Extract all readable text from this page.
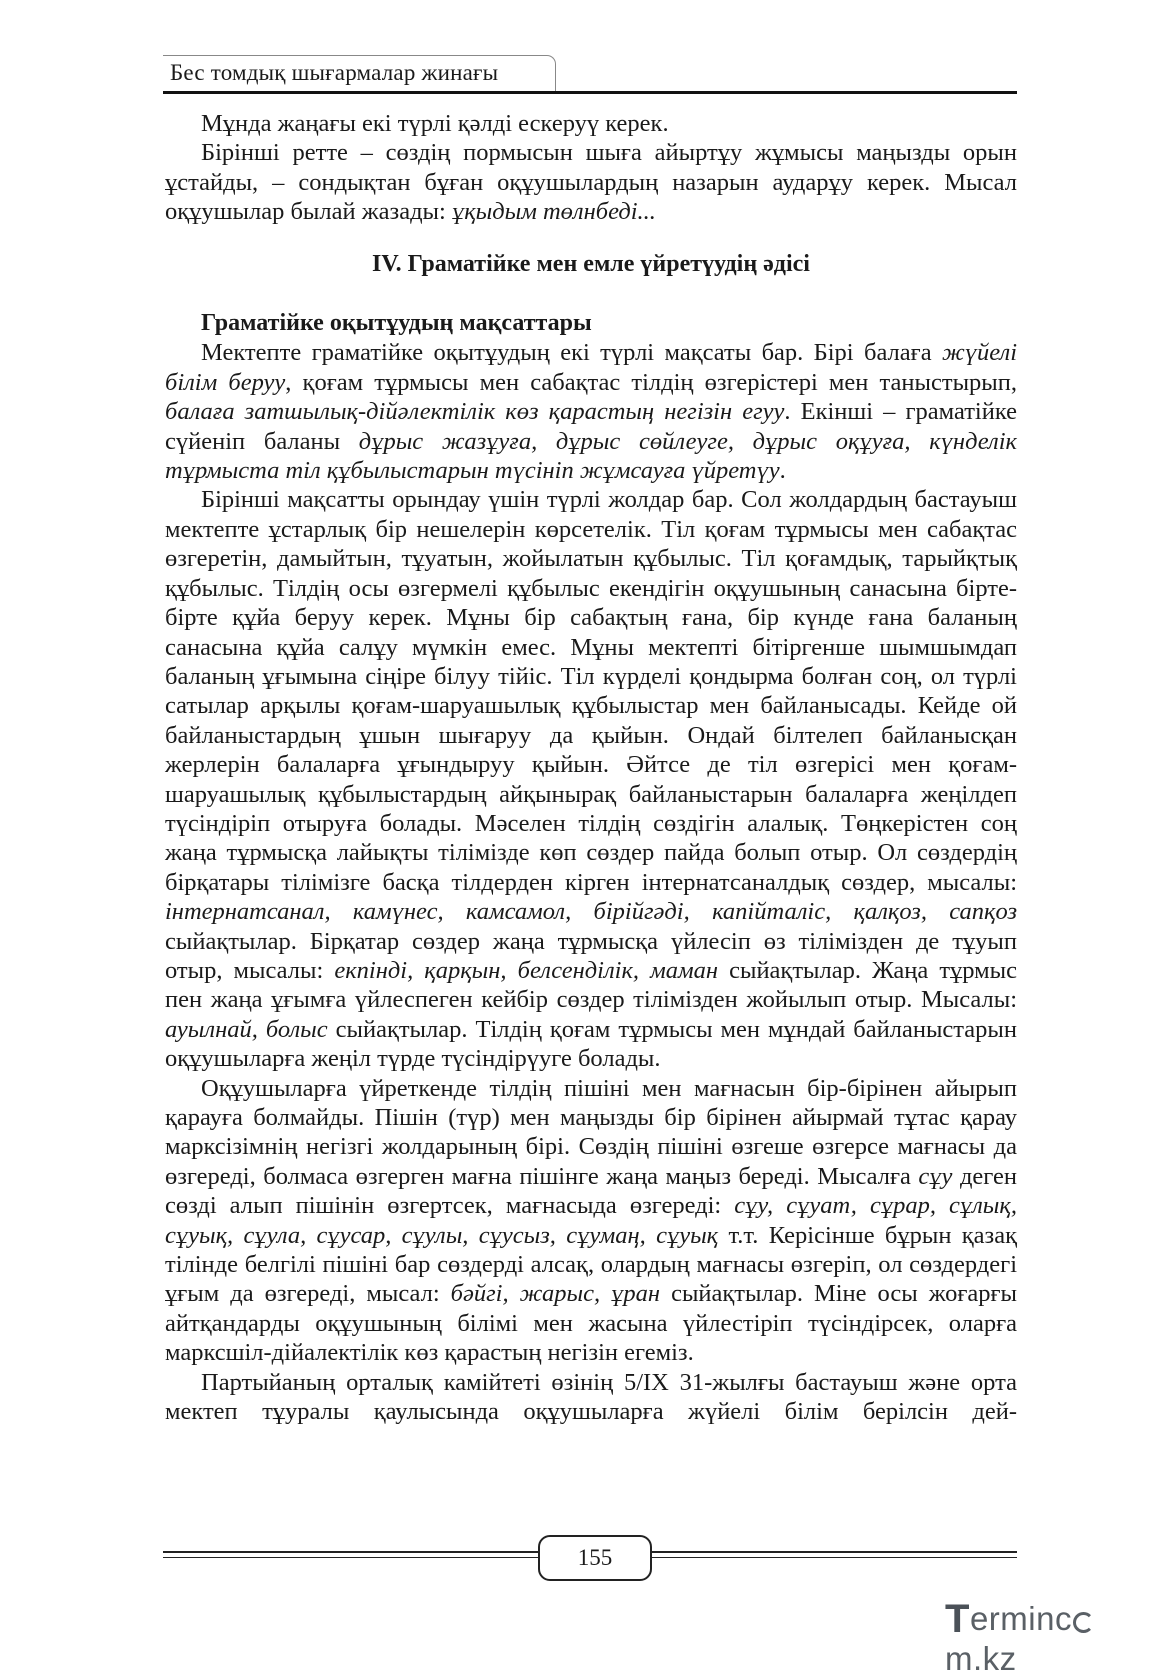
Бес томдық шығармалар жинағы

Мұнда жаңағы екі түрлі қәлді ескеруү керек.

Бірінші ретте – сөздің пормысын шыға айыртұу жұмысы маңызды орын ұстайды, – сондықтан бұған оқұушылардың назарын аударұу керек. Мысал оқұушылар былай жазады: ұқыдым төлнбеді...

IV. Граматійке мен емле үйретүудің әдісі
Граматійке оқытұудың мақсаттары

Мектепте граматійке оқытұудың екі түрлі мақсаты бар. Бірі балаға жүйелі білім беруу, қоғам тұрмысы мен сабақтас тілдің өзгерістері мен таныстырып, балаға затшылық-дійәлектілік көз қарастың негізін егуу. Екінші – граматійке сүйеніп баланы дұрыс жазұуға, дұрыс сөйлеуге, дұрыс оқұуға, күнделік тұрмыста тіл құбылыстарын түсініп жұмсауға үйретүу.

Бірінші мақсатты орындау үшін түрлі жолдар бар. Сол жолдардың бастауыш мектепте ұстарлық бір нешелерін көрсетелік. Тіл қоғам тұрмысы мен сабақтас өзгеретін, дамыйтын, тұуатын, жойылатын құбылыс. Тіл қоғамдық, тарыйқтық құбылыс. Тілдің осы өзгермелі құбылыс екендігін оқұушының санасына бірте-бірте құйа беруу керек. Мұны бір сабақтың ғана, бір күнде ғана баланың санасына құйа салұу мүмкін емес. Мұны мектепті бітіргенше шымшымдап баланың ұғымына сіңіре білуу тійіс. Тіл күрделі қондырма болған соң, ол түрлі сатылар арқылы қоғам-шаруашылық құбылыстар мен байланысады. Кейде ой байланыстардың ұшын шығаруу да қыйын. Ондай білтелеп байланысқан жерлерін балаларға ұғындыруу қыйын. Әйтсе де тіл өзгерісі мен қоғам-шаруашылық құбылыстардың айқынырақ байланыстарын балаларға жеңілдеп түсіндіріп отыруға болады. Мәселен тілдің сөздігін алалық. Төңкерістен соң жаңа тұрмысқа лайықты тілімізде көп сөздер пайда болып отыр. Ол сөздердің бірқатары тілімізге басқа тілдерден кірген інтернатсаналдық сөздер, мысалы: інтернатсанал, камүнес, камсамол, бірійгәді, капійталіс, қалқоз, сапқоз сыйақтылар. Бірқатар сөздер жаңа тұрмысқа үйлесіп өз тілімізден де тұуып отыр, мысалы: екпінді, қарқын, белсенділік, маман сыйақтылар. Жаңа тұрмыс пен жаңа ұғымға үйлеспеген кейбір сөздер тілімізден жойылып отыр. Мысалы: ауылнай, болыс сыйақтылар. Тілдің қоғам тұрмысы мен мұндай байланыстарын оқұушыларға жеңіл түрде түсіндірүуге болады.

Оқұушыларға үйреткенде тілдің пішіні мен мағнасын бір-бірінен айырып қарауға болмайды. Пішін (түр) мен маңызды бір бірінен айырмай тұтас қарау марксізімнің негізгі жолдарының бірі. Сөздің пішіні өзгеше өзгерсе мағнасы да өзгереді, болмаса өзгерген мағна пішінге жаңа маңыз береді. Мысалға сұу деген сөзді алып пішінін өзгертсек, мағнасыда өзгереді: сұу, сұуат, сұрар, сұлық, сұуық, сұула, сұусар, сұулы, сұусыз, сұумаң, сұуық т.т. Керісінше бұрын қазақ тілінде белгілі пішіні бар сөздерді алсақ, олардың мағнасы өзгеріп, ол сөздердегі ұғым да өзгереді, мысал: бәйгі, жарыс, ұран сыйақтылар. Міне осы жоғарғы айтқандарды оқұушының білімі мен жасына үйлестіріп түсіндірсек, оларға марксшіл-дійалектілік көз қарастың негізін егеміз.

Партыйаның орталық камійтеті өзінің 5/IX 31-жылғы бастауыш және орта мектеп тұуралы қаулысында оқұушыларға жүйелі білім берілсін дей-

155
Termincm.kz
